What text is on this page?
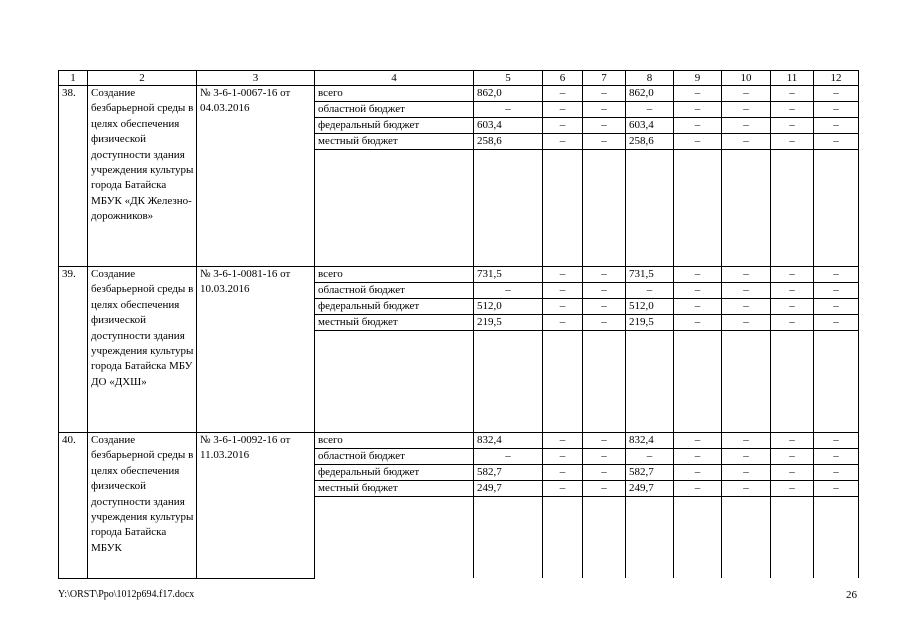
1	2	3	4	5	6	7	8	9	10	11	12
38.	Создание безбарьерной среды в целях обеспечения физической доступности здания учреждения культуры города Батайска МБУК «ДК Железно-дорожников»	№ 3-6-1-0067-16 от 04.03.2016	всего	862,0	–	–	862,0	–	–	–	–
			областной бюджет	–	–	–	–	–	–	–	–
			федеральный бюджет	603,4	–	–	603,4	–	–	–	–
			местный бюджет	258,6	–	–	258,6	–	–	–	–

39.	Создание безбарьерной среды в целях обеспечения физической доступности здания учреждения культуры города Батайска МБУ ДО «ДХШ»	№ 3-6-1-0081-16 от 10.03.2016	всего	731,5	–	–	731,5	–	–	–	–
			областной бюджет	–	–	–	–	–	–	–	–
			федеральный бюджет	512,0	–	–	512,0	–	–	–	–
			местный бюджет	219,5	–	–	219,5	–	–	–	–

40.	Создание безбарьерной среды в целях обеспечения физической доступности здания учреждения культуры города Батайска МБУК	№ 3-6-1-0092-16 от 11.03.2016	всего	832,4	–	–	832,4	–	–	–	–
			областной бюджет	–	–	–	–	–	–	–	–
			федеральный бюджет	582,7	–	–	582,7	–	–	–	–
			местный бюджет	249,7	–	–	249,7	–	–	–	–

Y:\ORST\Ppo\1012p694.f17.docx	26
